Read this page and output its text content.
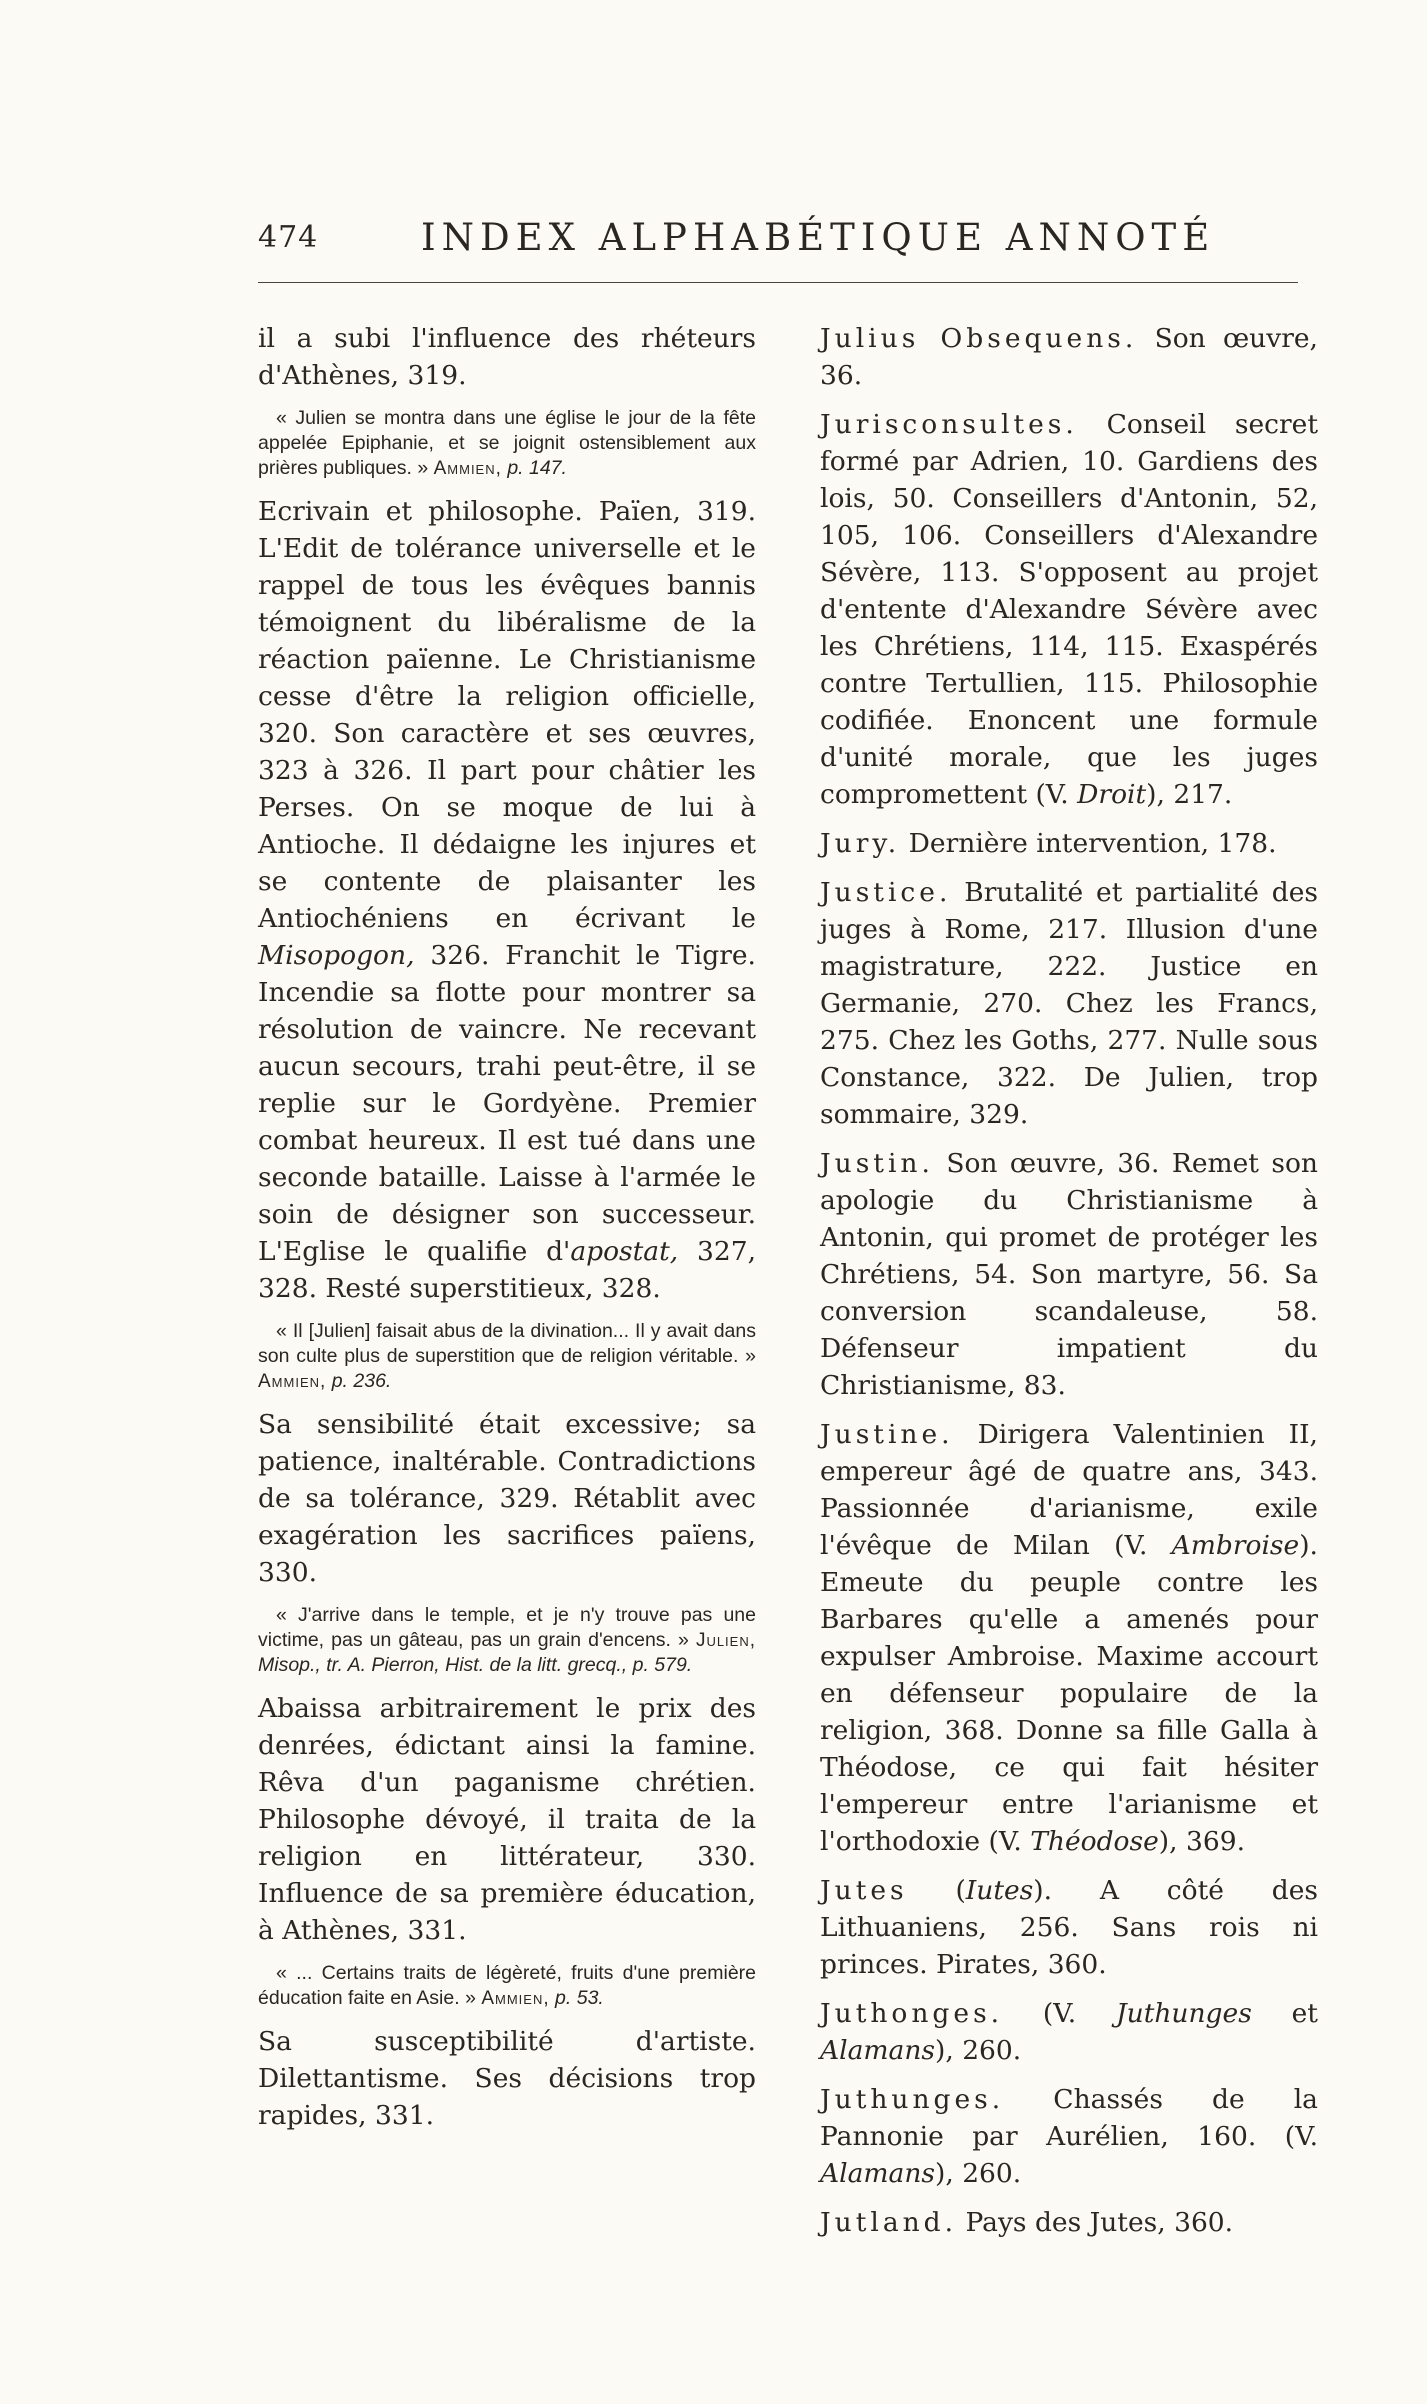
474	INDEX ALPHABÉTIQUE ANNOTÉ

il a subi l'influence des rhéteurs d'Athènes, 319.

« Julien se montra dans une église le jour de la fête appelée Epiphanie, et se joignit ostensiblement aux prières publiques. » Ammien, p. 147.

Ecrivain et philosophe. Païen, 319. L'Edit de tolérance universelle et le rappel de tous les évêques bannis témoignent du libéralisme de la réaction païenne. Le Christianisme cesse d'être la religion officielle, 320. Son caractère et ses œuvres, 323 à 326. Il part pour châtier les Perses. On se moque de lui à Antioche. Il dédaigne les injures et se contente de plaisanter les Antiochéniens en écrivant le Misopogon, 326. Franchit le Tigre. Incendie sa flotte pour montrer sa résolution de vaincre. Ne recevant aucun secours, trahi peut-être, il se replie sur le Gordyène. Premier combat heureux. Il est tué dans une seconde bataille. Laisse à l'armée le soin de désigner son successeur. L'Eglise le qualifie d'apostat, 327, 328. Resté superstitieux, 328.

« Il [Julien] faisait abus de la divination... Il y avait dans son culte plus de superstition que de religion véritable. » Ammien, p. 236.

Sa sensibilité était excessive; sa patience, inaltérable. Contradictions de sa tolérance, 329. Rétablit avec exagération les sacrifices païens, 330.

« J'arrive dans le temple, et je n'y trouve pas une victime, pas un gâteau, pas un grain d'encens. » Julien, Misop., tr. A. Pierron, Hist. de la litt. grecq., p. 579.

Abaissa arbitrairement le prix des denrées, édictant ainsi la famine. Rêva d'un paganisme chrétien. Philosophe dévoyé, il traita de la religion en littérateur, 330. Influence de sa première éducation, à Athènes, 331.

« ... Certains traits de légèreté, fruits d'une première éducation faite en Asie. » Ammien, p. 53.

Sa susceptibilité d'artiste. Dilettantisme. Ses décisions trop rapides, 331.

Julius Obsequens. Son œuvre, 36.

Jurisconsultes. Conseil secret formé par Adrien, 10. Gardiens des lois, 50. Conseillers d'Antonin, 52, 105, 106. Conseillers d'Alexandre Sévère, 113. S'opposent au projet d'entente d'Alexandre Sévère avec les Chrétiens, 114, 115. Exaspérés contre Tertullien, 115. Philosophie codifiée. Enoncent une formule d'unité morale, que les juges compromettent (V. Droit), 217.

Jury. Dernière intervention, 178.

Justice. Brutalité et partialité des juges à Rome, 217. Illusion d'une magistrature, 222. Justice en Germanie, 270. Chez les Francs, 275. Chez les Goths, 277. Nulle sous Constance, 322. De Julien, trop sommaire, 329.

Justin. Son œuvre, 36. Remet son apologie du Christianisme à Antonin, qui promet de protéger les Chrétiens, 54. Son martyre, 56. Sa conversion scandaleuse, 58. Défenseur impatient du Christianisme, 83.

Justine. Dirigera Valentinien II, empereur âgé de quatre ans, 343. Passionnée d'arianisme, exile l'évêque de Milan (V. Ambroise). Emeute du peuple contre les Barbares qu'elle a amenés pour expulser Ambroise. Maxime accourt en défenseur populaire de la religion, 368. Donne sa fille Galla à Théodose, ce qui fait hésiter l'empereur entre l'arianisme et l'orthodoxie (V. Théodose), 369.

Jutes (Iutes). A côté des Lithuaniens, 256. Sans rois ni princes. Pirates, 360.

Juthonges. (V. Juthunges et Alamans), 260.

Juthunges. Chassés de la Pannonie par Aurélien, 160. (V. Alamans), 260.

Jutland. Pays des Jutes, 360.
